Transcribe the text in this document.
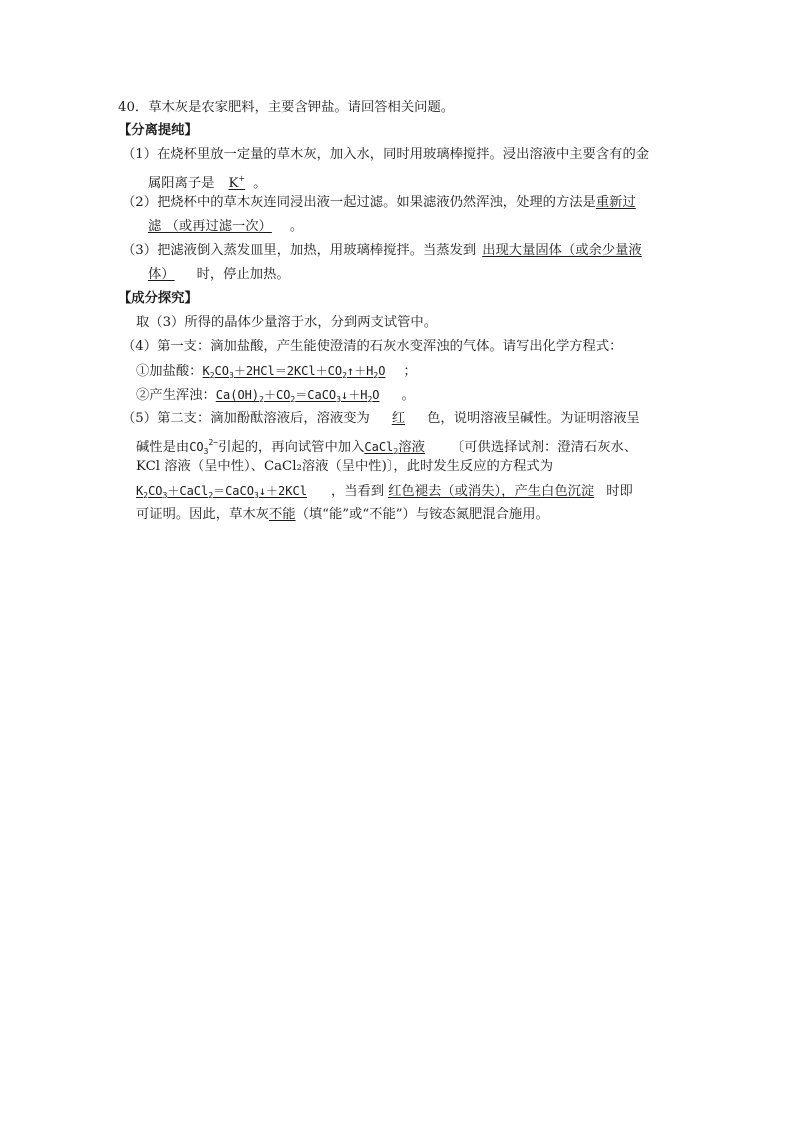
40．草木灰是农家肥料，主要含钾盐。请回答相关问题。
【分离提纯】
（1）在烧杯里放一定量的草木灰，加入水，同时用玻璃棒搅拌。浸出溶液中主要含有的金
属阳离子是 K+ 。
（2）把烧杯中的草木灰连同浸出液一起过滤。如果滤液仍然浑浊，处理的方法是重新过
滤 （或再过滤一次） 。
（3）把滤液倒入蒸发皿里，加热，用玻璃棒搅拌。当蒸发到 出现大量固体（或余少量液
体） 时，停止加热。
【成分探究】
取（3）所得的晶体少量溶于水，分到两支试管中。
（4）第一支：滴加盐酸，产生能使澄清的石灰水变浑浊的气体。请写出化学方程式：
①加盐酸：$K_2CO_3+2HCl=2KCl+CO_2↑+H_2O$ ；
②产生浑浊：$Ca(OH)_2+CO_2=CaCO_3↓+H_2O$ 。
（5）第二支：滴加酚酞溶液后，溶液变为 红 色，说明溶液呈碱性。为证明溶液呈
碱性是由$CO_3^{2-}$引起的，再向试管中加入CaCl$_2$溶液 〔可供选择试剂：澄清石灰水、
KCl 溶液（呈中性）、CaCl₂溶液（呈中性)〕，此时发生反应的方程式为
$K_2CO_3+CaCl_2=CaCO_3↓+2KCl$ ，当看到 红色褪去（或消失），产生白色沉淀 时即
可证明。因此，草木灰不能（填“能”或“不能”）与铵态氮肥混合施用。
